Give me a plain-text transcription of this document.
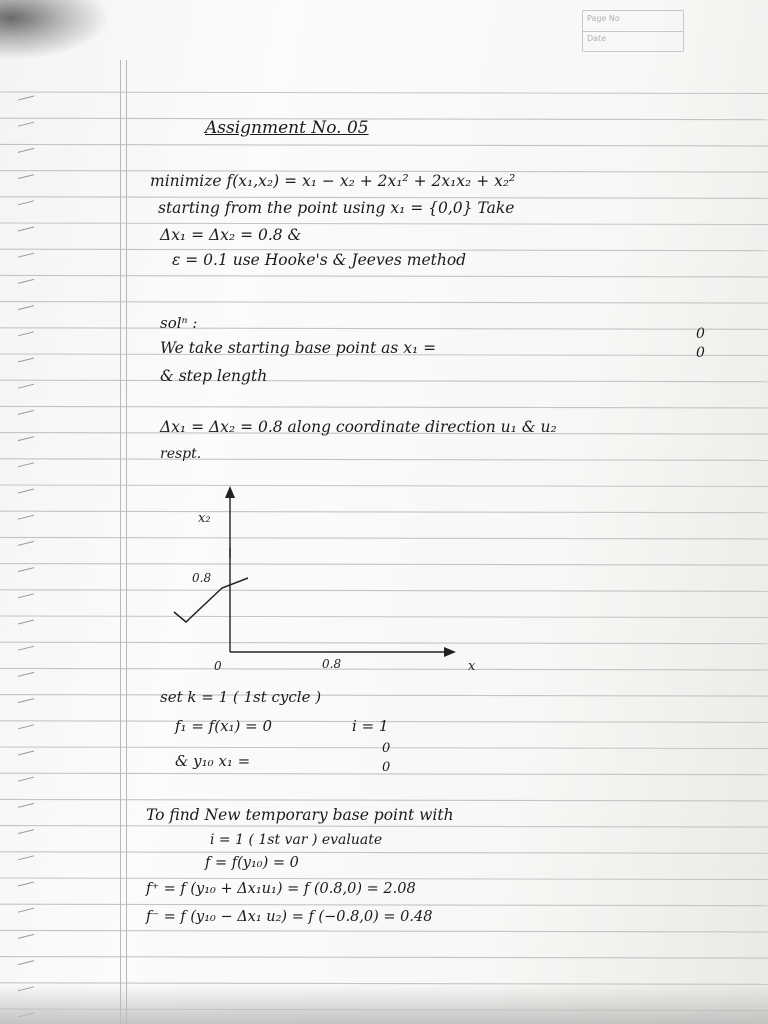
Page No
Date
Assignment No. 05
minimize f(x₁,x₂) = x₁ − x₂ + 2x₁² + 2x₁x₂ + x₂²
starting from the point using x₁ = {0,0} Take
Δx₁ = Δx₂ = 0.8 &
ε = 0.1 use Hooke's & Jeeves method
solⁿ :
We take starting base point as x₁ =
0
0
& step length
Δx₁ = Δx₂ = 0.8 along coordinate direction u₁ & u₂
respt.
x₂
0.8
0	0.8	x
set k = 1 ( 1st cycle )
f₁ = f(x₁) = 0	i = 1
& y₁₀ x₁ =
0
0
To find New temporary base point with
i = 1 ( 1st var ) evaluate
f = f(y₁₀) = 0
f⁺ = f (y₁₀ + Δx₁u₁) = f (0.8,0) = 2.08
f⁻ = f (y₁₀ − Δx₁ u₂) = f (−0.8,0) = 0.48
